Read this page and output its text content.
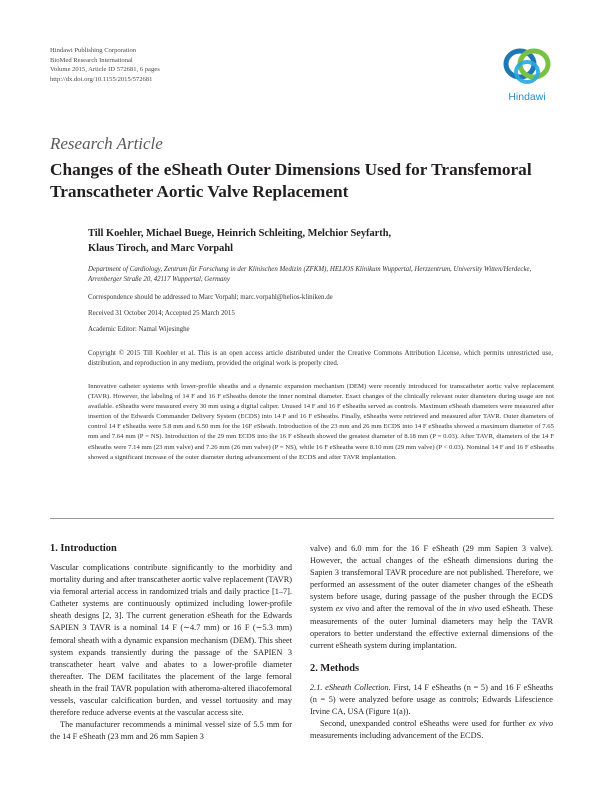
Hindawi Publishing Corporation
BioMed Research International
Volume 2015, Article ID 572681, 6 pages
http://dx.doi.org/10.1155/2015/572681
Hindawi
Research Article
Changes of the eSheath Outer Dimensions Used for Transfemoral Transcatheter Aortic Valve Replacement
Till Koehler, Michael Buege, Heinrich Schleiting, Melchior Seyfarth,
Klaus Tiroch, and Marc Vorpahl
Department of Cardiology, Zentrum für Forschung in der Klinischen Medizin (ZFKM), HELIOS Klinikum Wuppertal, Herzzentrum, University Witten/Herdecke, Arrenberger Straße 20, 42117 Wuppertal, Germany
Correspondence should be addressed to Marc Vorpahl; marc.vorpahl@helios-kliniken.de
Received 31 October 2014; Accepted 25 March 2015
Academic Editor: Namal Wijesinghe
Copyright © 2015 Till Koehler et al. This is an open access article distributed under the Creative Commons Attribution License, which permits unrestricted use, distribution, and reproduction in any medium, provided the original work is properly cited.
Innovative catheter systems with lower-profile sheaths and a dynamic expansion mechanism (DEM) were recently introduced for transcatheter aortic valve replacement (TAVR). However, the labeling of 14 F and 16 F eSheaths denote the inner nominal diameter. Exact changes of the clinically relevant outer diameters during usage are not available. eSheaths were measured every 30 mm using a digital caliper. Unused 14 F and 16 F eSheaths served as controls. Maximum eSheath diameters were measured after insertion of the Edwards Commander Delivery System (ECDS) into 14 F and 16 F eSheaths. Finally, eSheaths were retrieved and measured after TAVR. Outer diameters of control 14 F eSheaths were 5.8 mm and 6.50 mm for the 16F eSheath. Introduction of the 23 mm and 26 mm ECDS into 14 F eSheaths showed a maximum diameter of 7.65 mm and 7.64 mm (P = NS). Introduction of the 29 mm ECDS into the 16 F eSheath showed the greatest diameter of 8.18 mm (P = 0.03). After TAVR, diameters of the 14 F eSheaths were 7.14 mm (23 mm valve) and 7.26 mm (26 mm valve) (P = NS), while 16 F eSheaths were 8.10 mm (29 mm valve) (P < 0.03). Nominal 14 F and 16 F eSheaths showed a significant increase of the outer diameter during advancement of the ECDS and after TAVR implantation.

1. Introduction

Vascular complications contribute significantly to the morbidity and mortality during and after transcatheter aortic valve replacement (TAVR) via femoral arterial access in randomized trials and daily practice [1–7]. Catheter systems are continuously optimized including lower-profile sheath designs [2, 3]. The current generation eSheath for the Edwards SAPIEN 3 TAVR is a nominal 14 F (∼4.7 mm) or 16 F (∼5.3 mm) femoral sheath with a dynamic expansion mechanism (DEM). This sheet system expands transiently during the passage of the SAPIEN 3 transcatheter heart valve and abates to a lower-profile diameter thereafter. The DEM facilitates the placement of the large femoral sheath in the frail TAVR population with atheroma-altered iliacofemoral vessels, vascular calcification burden, and vessel tortuosity and may therefore reduce adverse events at the vascular access site.

The manufacturer recommends a minimal vessel size of 5.5 mm for the 14 F eSheath (23 mm and 26 mm Sapien 3

valve) and 6.0 mm for the 16 F eSheath (29 mm Sapien 3 valve). However, the actual changes of the eSheath dimensions during the Sapien 3 transfemoral TAVR procedure are not published. Therefore, we performed an assessment of the outer diameter changes of the eSheath system before usage, during passage of the pusher through the ECDS system ex vivo and after the removal of the in vivo used eSheath. These measurements of the outer luminal diameters may help the TAVR operators to better understand the effective external dimensions of the current eSheath system during implantation.

2. Methods

2.1. eSheath Collection. First, 14 F eSheaths (n = 5) and 16 F eSheaths (n = 5) were analyzed before usage as controls; Edwards Lifescience Irvine CA, USA (Figure 1(a)).

Second, unexpanded control eSheaths were used for further ex vivo measurements including advancement of the ECDS.
